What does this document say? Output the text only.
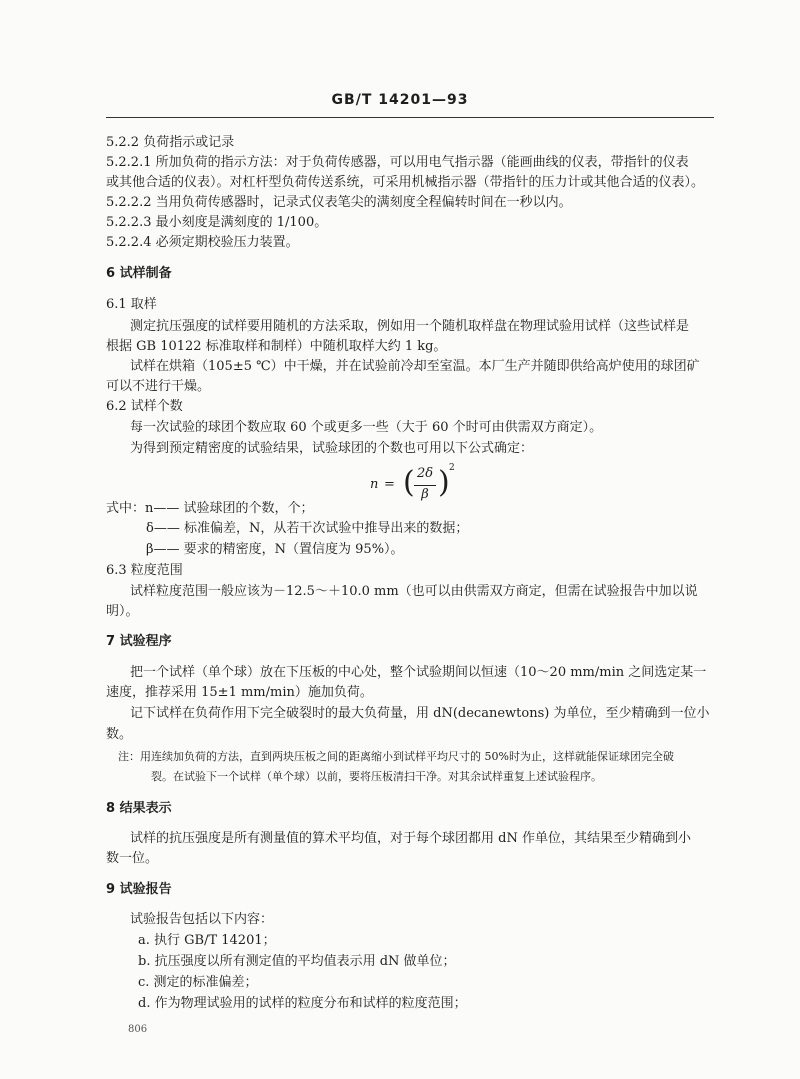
GB/T 14201—93
5.2.2 负荷指示或记录
5.2.2.1 所加负荷的指示方法：对于负荷传感器，可以用电气指示器（能画曲线的仪表，带指针的仪表
或其他合适的仪表）。对杠杆型负荷传送系统，可采用机械指示器（带指针的压力计或其他合适的仪表）。
5.2.2.2 当用负荷传感器时，记录式仪表笔尖的满刻度全程偏转时间在一秒以内。
5.2.2.3 最小刻度是满刻度的 1/100。
5.2.2.4 必须定期校验压力装置。
6 试样制备
6.1 取样
测定抗压强度的试样要用随机的方法采取，例如用一个随机取样盘在物理试验用试样（这些试样是
根据 GB 10122 标准取样和制样）中随机取样大约 1 kg。
试样在烘箱（105±5 ℃）中干燥，并在试验前冷却至室温。本厂生产并随即供给高炉使用的球团矿
可以不进行干燥。
6.2 试样个数
每一次试验的球团个数应取 60 个或更多一些（大于 60 个时可由供需双方商定）。
为得到预定精密度的试验结果，试验球团的个数也可用以下公式确定：
n = ( 2δ
β ) 2
式中：n—— 试验球团的个数，个；
δ—— 标准偏差，N，从若干次试验中推导出来的数据；
β—— 要求的精密度，N（置信度为 95%）。
6.3 粒度范围
试样粒度范围一般应该为－12.5～＋10.0 mm（也可以由供需双方商定，但需在试验报告中加以说
明）。
7 试验程序
把一个试样（单个球）放在下压板的中心处，整个试验期间以恒速（10～20 mm/min 之间选定某一
速度，推荐采用 15±1 mm/min）施加负荷。
记下试样在负荷作用下完全破裂时的最大负荷量，用 dN(decanewtons) 为单位，至少精确到一位小
数。
注：用连续加负荷的方法，直到两块压板之间的距离缩小到试样平均尺寸的 50%时为止，这样就能保证球团完全破
裂。在试验下一个试样（单个球）以前，要将压板清扫干净。对其余试样重复上述试验程序。
8 结果表示
试样的抗压强度是所有测量值的算术平均值，对于每个球团都用 dN 作单位，其结果至少精确到小
数一位。
9 试验报告
试验报告包括以下内容：
a. 执行 GB/T 14201；
b. 抗压强度以所有测定值的平均值表示用 dN 做单位；
c. 测定的标准偏差；
d. 作为物理试验用的试样的粒度分布和试样的粒度范围；
806
